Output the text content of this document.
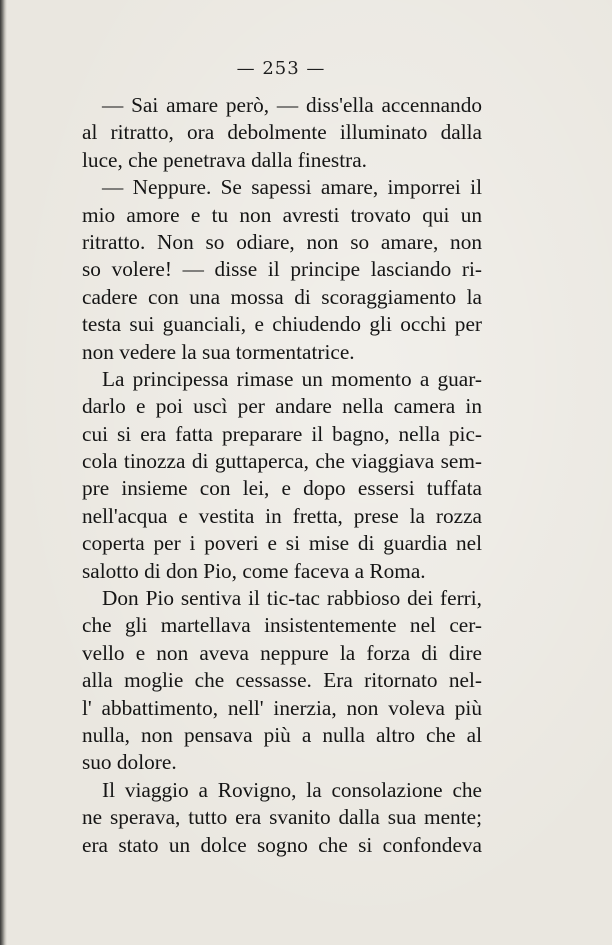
— 253 —
— Sai amare però, — diss'ella accennando
al ritratto, ora debolmente illuminato dalla
luce, che penetrava dalla finestra.
— Neppure. Se sapessi amare, imporrei il
mio amore e tu non avresti trovato qui un
ritratto. Non so odiare, non so amare, non
so volere! — disse il principe lasciando ri-
cadere con una mossa di scoraggiamento la
testa sui guanciali, e chiudendo gli occhi per
non vedere la sua tormentatrice.
La principessa rimase un momento a guar-
darlo e poi uscì per andare nella camera in
cui si era fatta preparare il bagno, nella pic-
cola tinozza di guttaperca, che viaggiava sem-
pre insieme con lei, e dopo essersi tuffata
nell'acqua e vestita in fretta, prese la rozza
coperta per i poveri e si mise di guardia nel
salotto di don Pio, come faceva a Roma.
Don Pio sentiva il tic-tac rabbioso dei ferri,
che gli martellava insistentemente nel cer-
vello e non aveva neppure la forza di dire
alla moglie che cessasse. Era ritornato nel-
l' abbattimento, nell' inerzia, non voleva più
nulla, non pensava più a nulla altro che al
suo dolore.
Il viaggio a Rovigno, la consolazione che
ne sperava, tutto era svanito dalla sua mente;
era stato un dolce sogno che si confondeva
